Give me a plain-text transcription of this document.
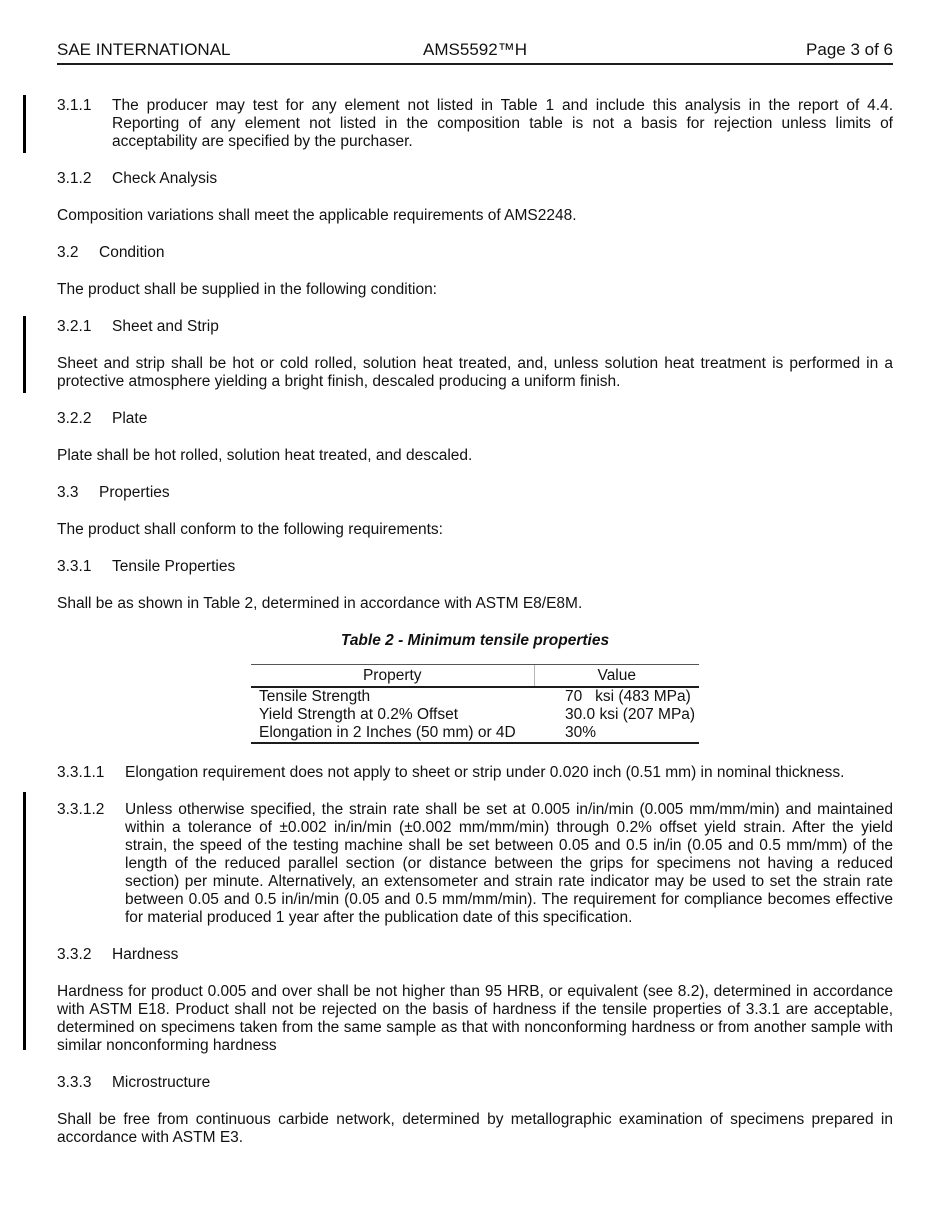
SAE INTERNATIONAL	AMS5592™H	Page 3 of 6
3.1.1	The producer may test for any element not listed in Table 1 and include this analysis in the report of 4.4. Reporting of any element not listed in the composition table is not a basis for rejection unless limits of acceptability are specified by the purchaser.
3.1.2	Check Analysis

Composition variations shall meet the applicable requirements of AMS2248.

3.2	Condition

The product shall be supplied in the following condition:

3.2.1	Sheet and Strip

Sheet and strip shall be hot or cold rolled, solution heat treated, and, unless solution heat treatment is performed in a protective atmosphere yielding a bright finish, descaled producing a uniform finish.

3.2.2	Plate

Plate shall be hot rolled, solution heat treated, and descaled.

3.3	Properties

The product shall conform to the following requirements:

3.3.1	Tensile Properties

Shall be as shown in Table 2, determined in accordance with ASTM E8/E8M.

Table 2 - Minimum tensile properties
Property	Value
Tensile Strength	70   ksi (483 MPa)
Yield Strength at 0.2% Offset	30.0 ksi (207 MPa)
Elongation in 2 Inches (50 mm) or 4D	30%
3.3.1.1	Elongation requirement does not apply to sheet or strip under 0.020 inch (0.51 mm) in nominal thickness.
3.3.1.2	Unless otherwise specified, the strain rate shall be set at 0.005 in/in/min (0.005 mm/mm/min) and maintained within a tolerance of ±0.002 in/in/min (±0.002 mm/mm/min) through 0.2% offset yield strain. After the yield strain, the speed of the testing machine shall be set between 0.05 and 0.5 in/in (0.05 and 0.5 mm/mm) of the length of the reduced parallel section (or distance between the grips for specimens not having a reduced section) per minute. Alternatively, an extensometer and strain rate indicator may be used to set the strain rate between 0.05 and 0.5 in/in/min (0.05 and 0.5 mm/mm/min). The requirement for compliance becomes effective for material produced 1 year after the publication date of this specification.
3.3.2	Hardness

Hardness for product 0.005 and over shall be not higher than 95 HRB, or equivalent (see 8.2), determined in accordance with ASTM E18. Product shall not be rejected on the basis of hardness if the tensile properties of 3.3.1 are acceptable, determined on specimens taken from the same sample as that with nonconforming hardness or from another sample with similar nonconforming hardness

3.3.3	Microstructure

Shall be free from continuous carbide network, determined by metallographic examination of specimens prepared in accordance with ASTM E3.
